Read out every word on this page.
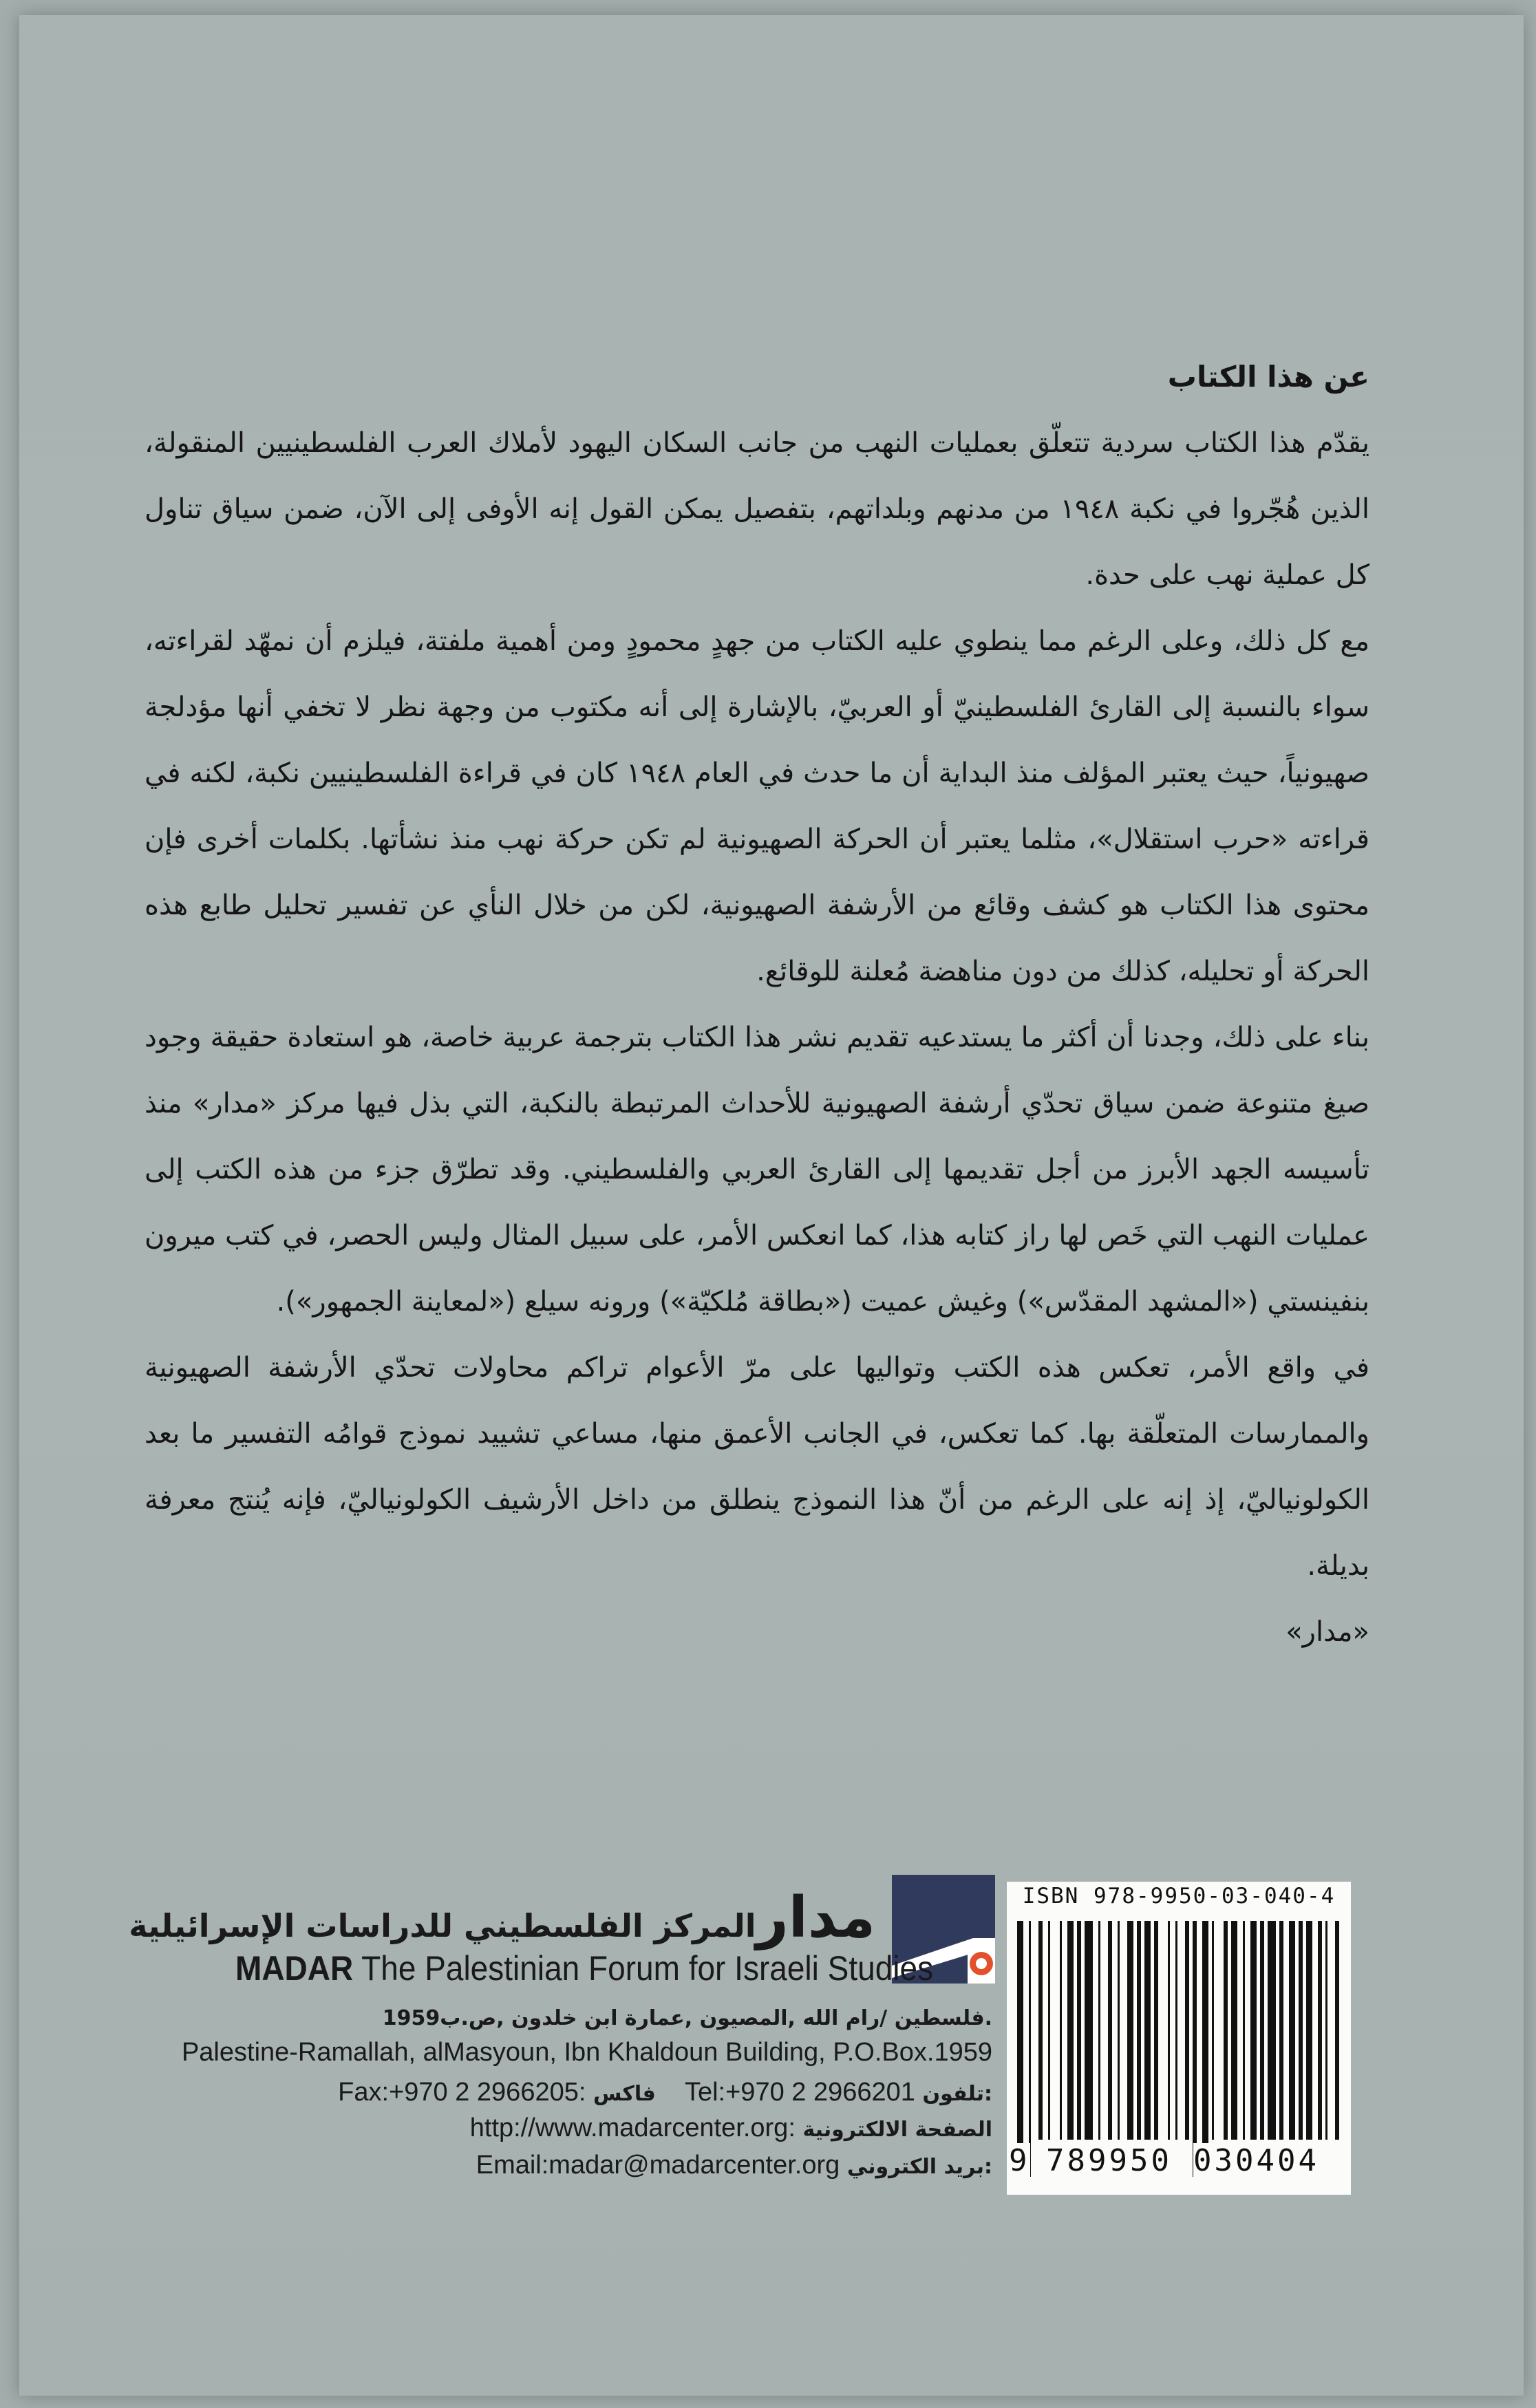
عن هذا الكتاب

يقدّم هذا الكتاب سردية تتعلّق بعمليات النهب من جانب السكان اليهود لأملاك العرب الفلسطينيين المنقولة، الذين هُجّروا في نكبة ١٩٤٨ من مدنهم وبلداتهم، بتفصيل يمكن القول إنه الأوفى إلى الآن، ضمن سياق تناول كل عملية نهب على حدة.

مع كل ذلك، وعلى الرغم مما ينطوي عليه الكتاب من جهدٍ محمودٍ ومن أهمية ملفتة، فيلزم أن نمهّد لقراءته، سواء بالنسبة إلى القارئ الفلسطينيّ أو العربيّ، بالإشارة إلى أنه مكتوب من وجهة نظر لا تخفي أنها مؤدلجة صهيونياً، حيث يعتبر المؤلف منذ البداية أن ما حدث في العام ١٩٤٨ كان في قراءة الفلسطينيين نكبة، لكنه في قراءته «حرب استقلال»، مثلما يعتبر أن الحركة الصهيونية لم تكن حركة نهب منذ نشأتها. بكلمات أخرى فإن محتوى هذا الكتاب هو كشف وقائع من الأرشفة الصهيونية، لكن من خلال النأي عن تفسير تحليل طابع هذه الحركة أو تحليله، كذلك من دون مناهضة مُعلنة للوقائع.

بناء على ذلك، وجدنا أن أكثر ما يستدعيه تقديم نشر هذا الكتاب بترجمة عربية خاصة، هو استعادة حقيقة وجود صيغ متنوعة ضمن سياق تحدّي أرشفة الصهيونية للأحداث المرتبطة بالنكبة، التي بذل فيها مركز «مدار» منذ تأسيسه الجهد الأبرز من أجل تقديمها إلى القارئ العربي والفلسطيني. وقد تطرّق جزء من هذه الكتب إلى عمليات النهب التي خَص لها راز كتابه هذا، كما انعكس الأمر، على سبيل المثال وليس الحصر، في كتب ميرون بنفينستي («المشهد المقدّس») وغيش عميت («بطاقة مُلكيّة») ورونه سيلع («لمعاينة الجمهور»).

في واقع الأمر، تعكس هذه الكتب وتواليها على مرّ الأعوام تراكم محاولات تحدّي الأرشفة الصهيونية والممارسات المتعلّقة بها. كما تعكس، في الجانب الأعمق منها، مساعي تشييد نموذج قوامُه التفسير ما بعد الكولونياليّ، إذ إنه على الرغم من أنّ هذا النموذج ينطلق من داخل الأرشيف الكولونياليّ، فإنه يُنتج معرفة بديلة.

«مدار»

مدارالمركز الفلسطيني للدراسات الإسرائيلية
MADAR The Palestinian Forum for Israeli Studies
فلسطين /رام الله ,المصيون ,عمارة ابن خلدون ,ص.ب1959.
Palestine-Ramallah, alMasyoun, Ibn Khaldoun Building, P.O.Box.1959
Fax:+970 2 2966205: فاكس Tel:+970 2 2966201 تلفون:
http://www.madarcenter.org: الصفحة الالكترونية
Email:madar@madarcenter.org بريد الكتروني:
ISBN 978-9950-03-040-4
9 789950 030404
